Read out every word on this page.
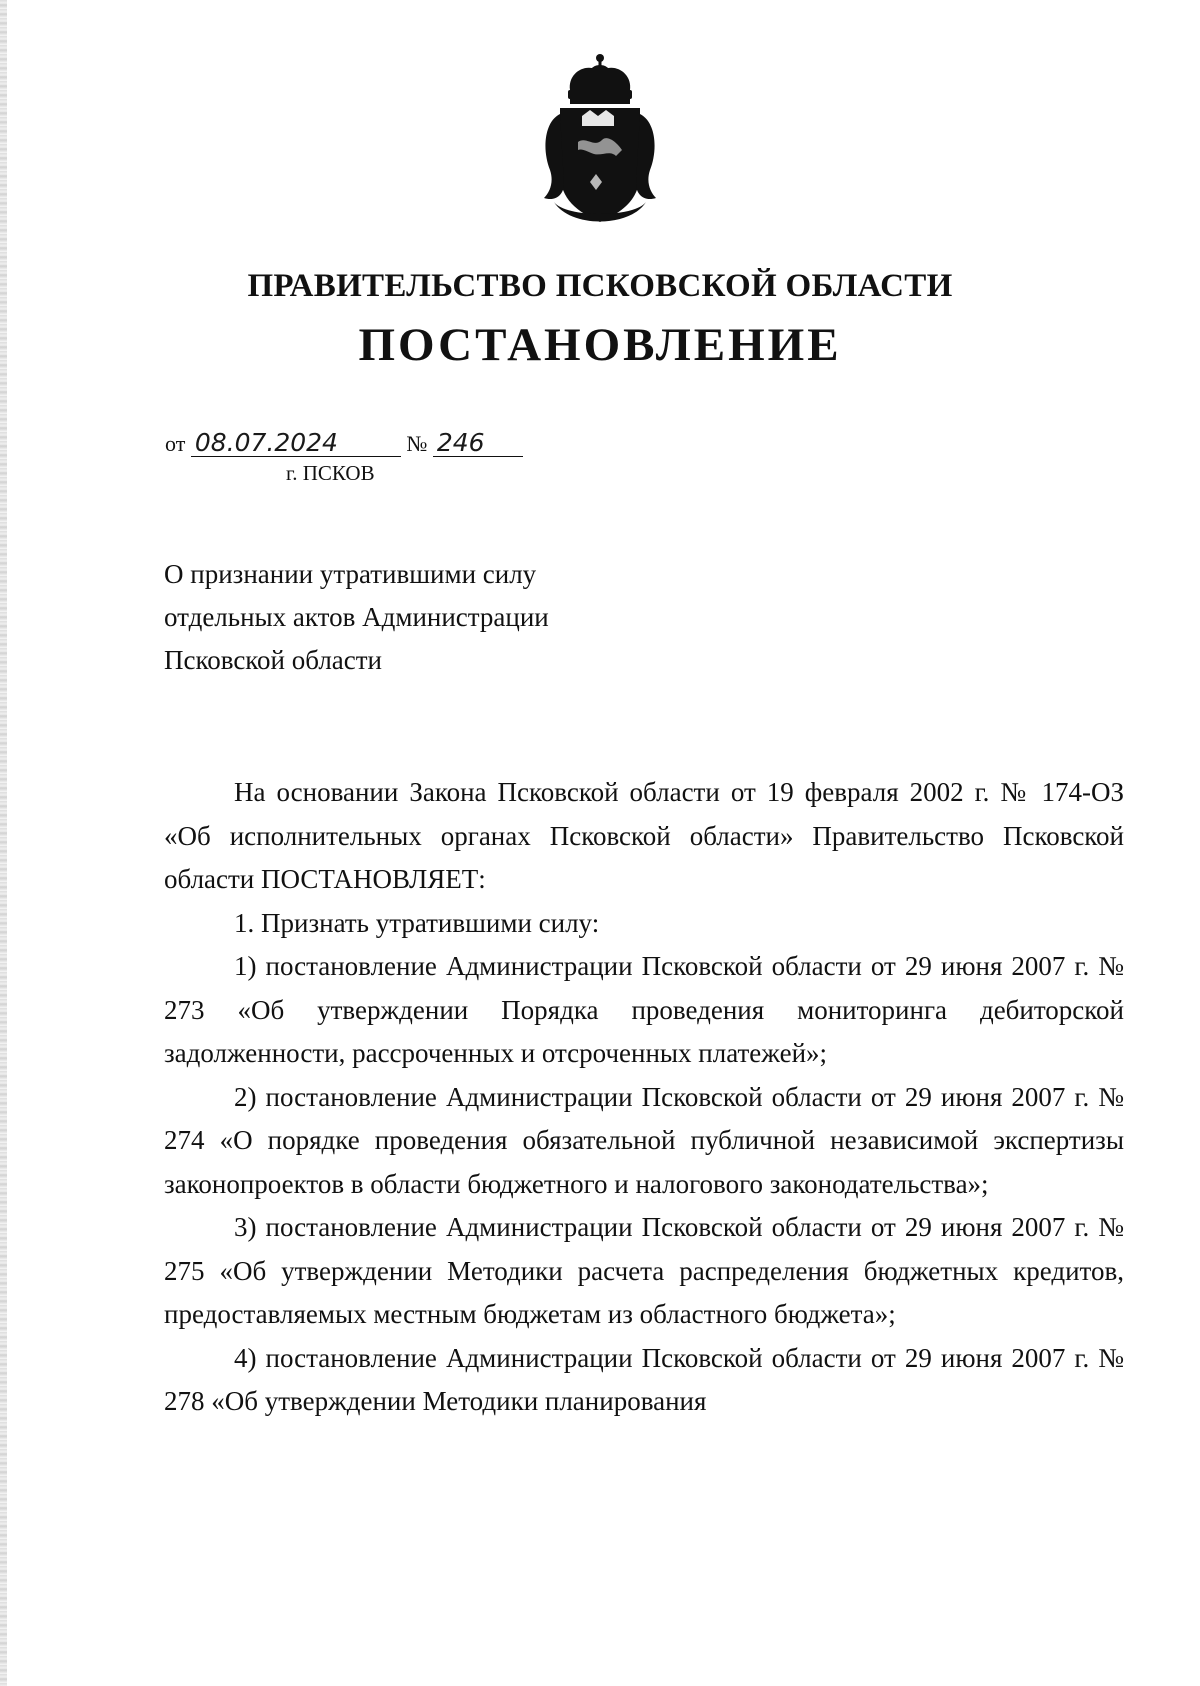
ПРАВИТЕЛЬСТВО ПСКОВСКОЙ ОБЛАСТИ
ПОСТАНОВЛЕНИЕ
от 08.07.2024	№ 246
г. ПСКОВ
О признании утратившими силу
отдельных актов Администрации
Псковской области

На основании Закона Псковской области от 19 февраля 2002 г. № 174-ОЗ «Об исполнительных органах Псковской области» Правительство Псковской области ПОСТАНОВЛЯЕТ:

1. Признать утратившими силу:

1) постановление Администрации Псковской области от 29 июня 2007 г. № 273 «Об утверждении Порядка проведения мониторинга дебиторской задолженности, рассроченных и отсроченных платежей»;

2) постановление Администрации Псковской области от 29 июня 2007 г. № 274 «О порядке проведения обязательной публичной независимой экспертизы законопроектов в области бюджетного и налогового законодательства»;

3) постановление Администрации Псковской области от 29 июня 2007 г. № 275 «Об утверждении Методики расчета распределения бюджетных кредитов, предоставляемых местным бюджетам из областного бюджета»;

4) постановление Администрации Псковской области от 29 июня 2007 г. № 278 «Об утверждении Методики планирования
